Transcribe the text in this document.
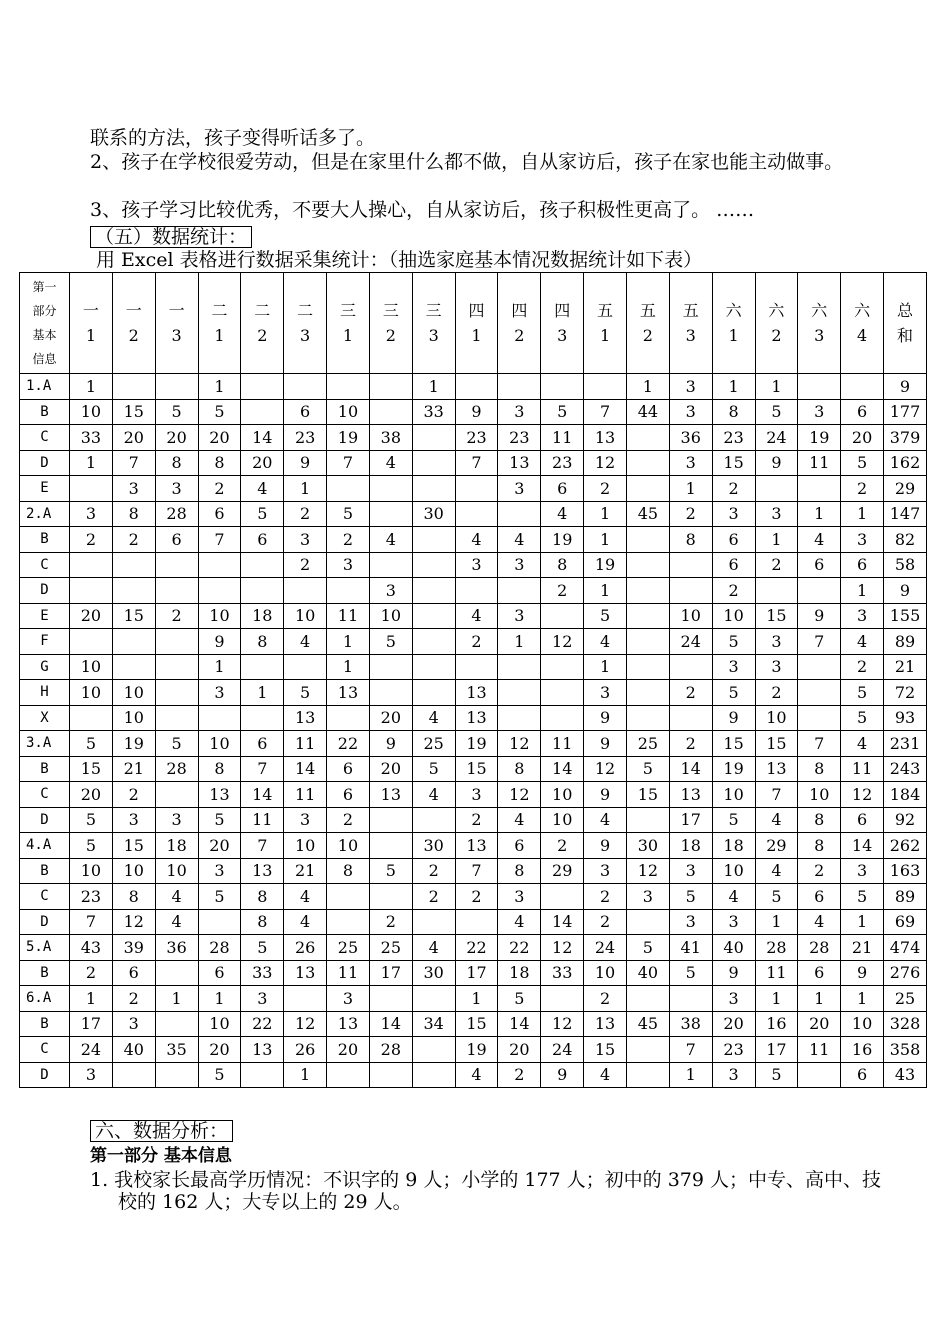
联系的方法，孩子变得听话多了。

2、孩子在学校很爱劳动，但是在家里什么都不做，自从家访后，孩子在家也能主动做事。

3、孩子学习比较优秀，不要大人操心，自从家访后，孩子积极性更高了。 ……

（五）数据统计：

用 Excel 表格进行数据采集统计：（抽选家庭基本情况数据统计如下表）

第一
部分
基本
信息	一
1	一
2	一
3	二
1	二
2	二
3	三
1	三
2	三
3	四
1	四
2	四
3	五
1	五
2	五
3	六
1	六
2	六
3	六
4	总
和

1.A	1			1					1					1	3	1	1			9
B	10	15	5	5		6	10		33	9	3	5	7	44	3	8	5	3	6	177
C	33	20	20	20	14	23	19	38		23	23	11	13		36	23	24	19	20	379
D	1	7	8	8	20	9	7	4		7	13	23	12		3	15	9	11	5	162
E		3	3	2	4	1					3	6	2		1	2			2	29
2.A	3	8	28	6	5	2	5		30			4	1	45	2	3	3	1	1	147
B	2	2	6	7	6	3	2	4		4	4	19	1		8	6	1	4	3	82
C						2	3			3	3	8	19			6	2	6	6	58
D								3				2	1			2			1	9
E	20	15	2	10	18	10	11	10		4	3		5		10	10	15	9	3	155
F				9	8	4	1	5		2	1	12	4		24	5	3	7	4	89
G	10			1			1						1			3	3		2	21
H	10	10		3	1	5	13			13			3		2	5	2		5	72
X		10				13		20	4	13			9			9	10		5	93
3.A	5	19	5	10	6	11	22	9	25	19	12	11	9	25	2	15	15	7	4	231
B	15	21	28	8	7	14	6	20	5	15	8	14	12	5	14	19	13	8	11	243
C	20	2		13	14	11	6	13	4	3	12	10	9	15	13	10	7	10	12	184
D	5	3	3	5	11	3	2			2	4	10	4		17	5	4	8	6	92
4.A	5	15	18	20	7	10	10		30	13	6	2	9	30	18	18	29	8	14	262
B	10	10	10	3	13	21	8	5	2	7	8	29	3	12	3	10	4	2	3	163
C	23	8	4	5	8	4			2	2	3		2	3	5	4	5	6	5	89
D	7	12	4		8	4		2			4	14	2		3	3	1	4	1	69
5.A	43	39	36	28	5	26	25	25	4	22	22	12	24	5	41	40	28	28	21	474
B	2	6		6	33	13	11	17	30	17	18	33	10	40	5	9	11	6	9	276
6.A	1	2	1	1	3		3			1	5		2			3	1	1	1	25
B	17	3		10	22	12	13	14	34	15	14	12	13	45	38	20	16	20	10	328
C	24	40	35	20	13	26	20	28		19	20	24	15		7	23	17	11	16	358
D	3			5		1				4	2	9	4		1	3	5		6	43

六、数据分析：

第一部分 基本信息

1. 我校家长最高学历情况：不识字的 9 人；小学的 177 人；初中的 379 人；中专、高中、技校的 162 人；大专以上的 29 人。
